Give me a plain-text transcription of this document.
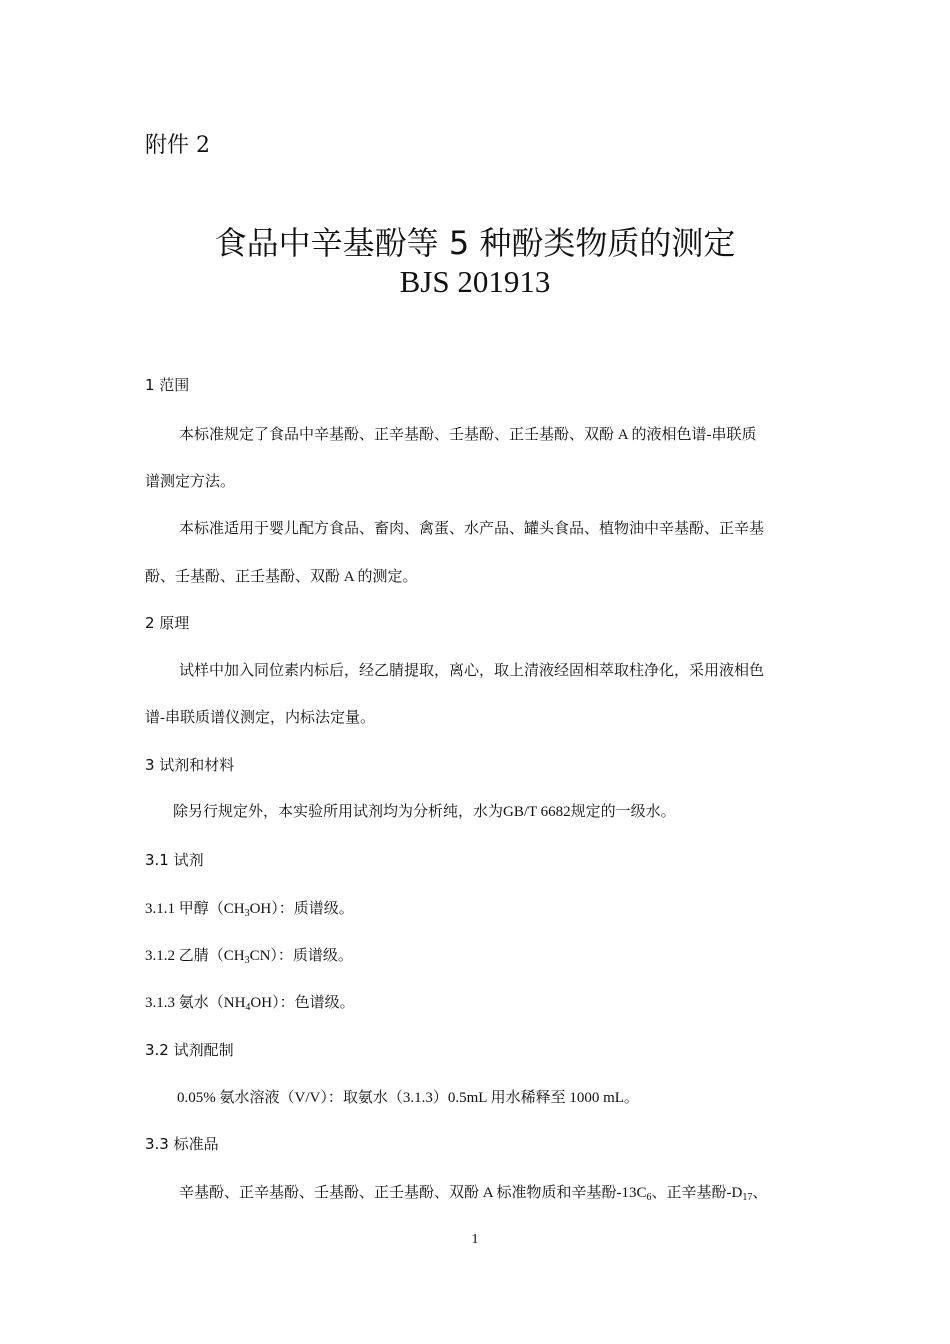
附件 2
食品中辛基酚等 5 种酚类物质的测定
BJS 201913
1 范围
本标准规定了食品中辛基酚、正辛基酚、壬基酚、正壬基酚、双酚 A 的液相色谱-串联质
谱测定方法。
本标准适用于婴儿配方食品、畜肉、禽蛋、水产品、罐头食品、植物油中辛基酚、正辛基
酚、壬基酚、正壬基酚、双酚 A 的测定。
2 原理
试样中加入同位素内标后，经乙腈提取，离心，取上清液经固相萃取柱净化，采用液相色
谱-串联质谱仪测定，内标法定量。
3 试剂和材料
除另行规定外，本实验所用试剂均为分析纯，水为GB/T 6682规定的一级水。
3.1 试剂
3.1.1 甲醇$(CH_3OH)$：质谱级。
3.1.2 乙腈$(CH_3CN)$：质谱级。
3.1.3 氨水$(NH_4OH)$：色谱级。
3.2 试剂配制
0.05% 氨水溶液（V/V）：取氨水（3.1.3）0.5mL 用水稀释至 1000 mL。
3.3 标准品
辛基酚、正辛基酚、壬基酚、正壬基酚、双酚 A 标准物质和辛基酚$-13C_6$、正辛基酚$-D_{17}$、
1
